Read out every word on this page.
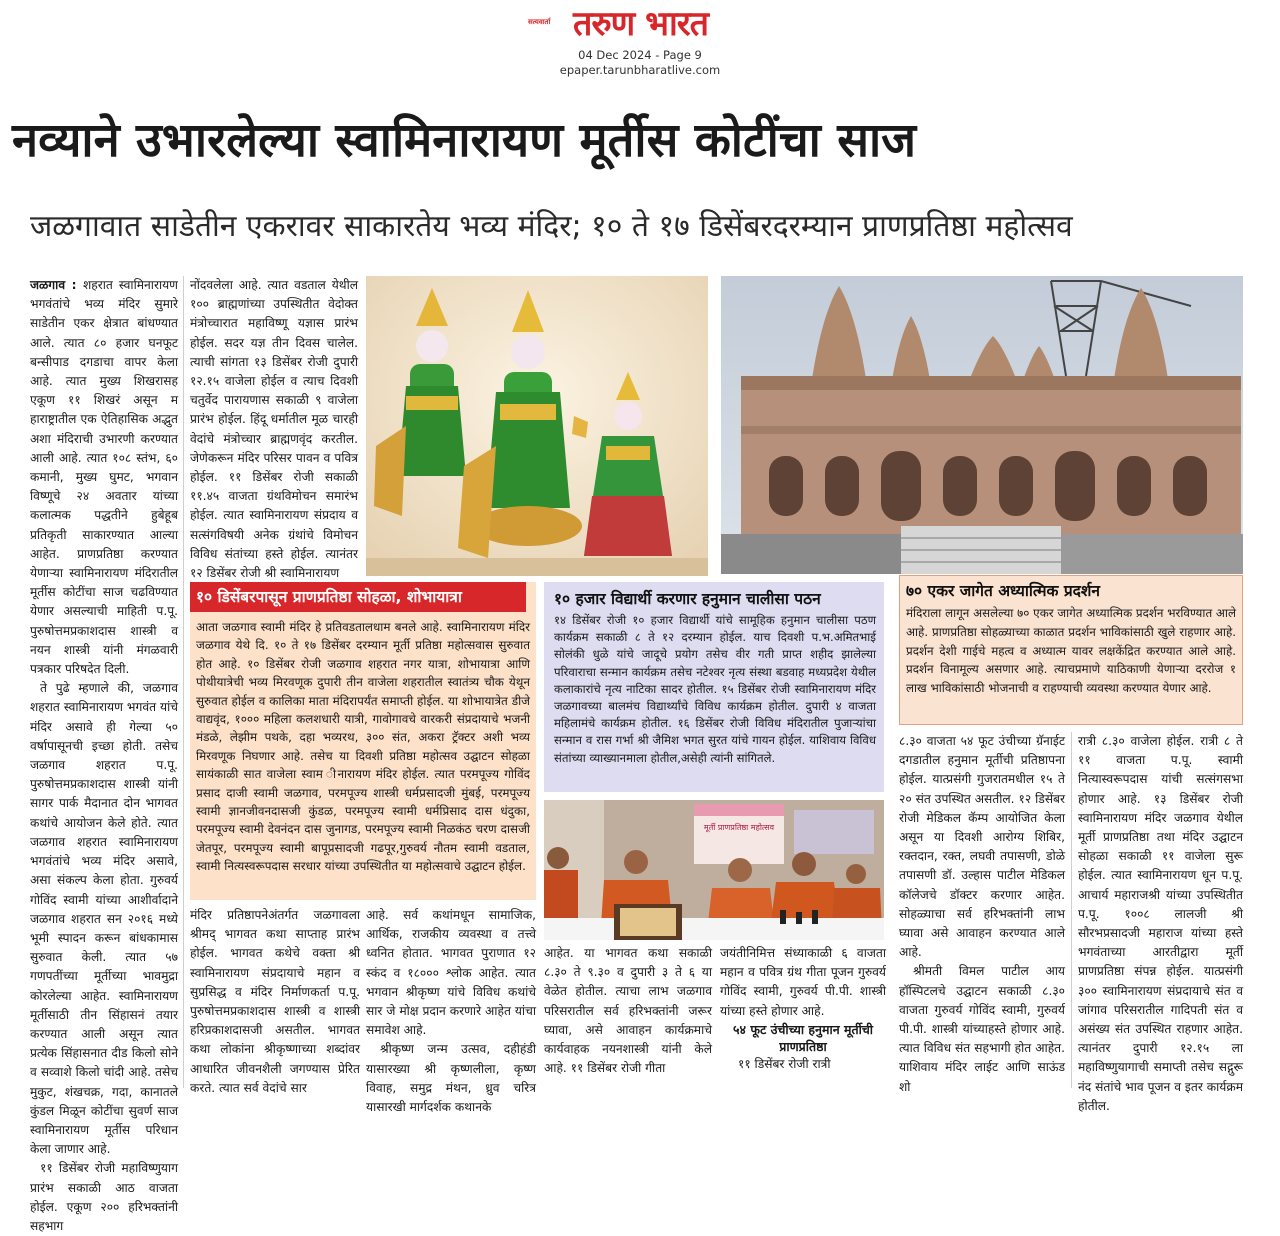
सत्यवार्ता तरुण भारत
04 Dec 2024 - Page 9
epaper.tarunbharatlive.com
नव्याने उभारलेल्या स्वामिनारायण मूर्तीस कोटींचा साज
जळगावात साडेतीन एकरावर साकारतेय भव्य मंदिर; १० ते १७ डिसेंबरदरम्यान प्राणप्रतिष्ठा महोत्सव

जळगाव : शहरात स्वामिनारायण भगवंतांचे भव्य मंदिर सुमारे साडेतीन एकर क्षेत्रात बांधण्यात आले. त्यात ८० हजार घनफूट बन्सीपाड दगडाचा वापर केला आहे. त्यात मुख्य शिखरासह एकूण ११ शिखरं असून म हाराष्ट्रातील एक ऐतिहासिक अद्भुत अशा मंदिराची उभारणी करण्यात आली आहे. त्यात १०८ स्तंभ, ६० कमानी, मुख्य घुमट, भगवान विष्णूचे २४ अवतार यांच्या कलात्मक पद्धतीने हुबेहूब प्रतिकृती साकारण्यात आल्या आहेत. प्राणप्रतिष्ठा करण्यात येणाऱ्या स्वामिनारायण मंदिरातील मूर्तीस कोटींचा साज चढविण्यात येणार असल्याची माहिती प.पू. पुरुषोत्तमप्रकाशदास शास्त्री व नयन शास्त्री यांनी मंगळवारी पत्रकार परिषदेत दिली.

ते पुढे म्हणाले की, जळगाव शहरात स्वामिनारायण भगवंत यांचे मंदिर असावे ही गेल्या ५० वर्षापासूनची इच्छा होती. तसेच जळगाव शहरात प.पू. पुरुषोत्तमप्रकाशदास शास्त्री यांनी सागर पार्क मैदानात दोन भागवत कथांचे आयोजन केले होते. त्यात जळगाव शहरात स्वामिनारायण भगवंतांचे भव्य मंदिर असावे, असा संकल्प केला होता. गुरुवर्य गोविंद स्वामी यांच्या आशीर्वादाने जळगाव शहरात सन २०१६ मध्ये भूमी स्पादन करून बांधकामास सुरुवात केली. त्यात ५७ गणपतींच्या मूर्तीच्या भावमुद्रा कोरलेल्या आहेत. स्वामिनारायण मूर्तीसाठी तीन सिंहासनं तयार करण्यात आली असून त्यात प्रत्येक सिंहासनात दीड किलो सोने व सव्वाशे किलो चांदी आहे. तसेच मुकुट, शंखचक्र, गदा, कानातले कुंडल मिळून कोटींचा सुवर्ण साज स्वामिनारायण मूर्तीस परिधान केला जाणार आहे.

११ डिसेंबर रोजी महाविष्णुयाग प्रारंभ सकाळी आठ वाजता होईल. एकूण २०० हरिभक्तांनी सहभाग

नोंदवलेला आहे. त्यात वडताल येथील १०० ब्राह्मणांच्या उपस्थितीत वेदोक्त मंत्रोच्चारात महाविष्णू यज्ञास प्रारंभ होईल. सदर यज्ञ तीन दिवस चालेल. त्याची सांगता १३ डिसेंबर रोजी दुपारी १२.१५ वाजेला होईल व त्याच दिवशी चतुर्वेद पारायणास सकाळी ९ वाजेला प्रारंभ होईल. हिंदू धर्मातील मूळ चारही वेदांचे मंत्रोच्चार ब्राह्मणवृंद करतील. जेणेकरून मंदिर परिसर पावन व पवित्र होईल. ११ डिसेंबर रोजी सकाळी ११.४५ वाजता ग्रंथविमोचन समारंभ होईल. त्यात स्वामिनारायण संप्रदाय व सत्संगविषयी अनेक ग्रंथांचे विमोचन विविध संतांच्या हस्ते होईल. त्यानंतर १२ डिसेंबर रोजी श्री स्वामिनारायण

१० डिसेंबरपासून प्राणप्रतिष्ठा सोहळा, शोभायात्रा
आता जळगाव स्वामी मंदिर हे प्रतिवडतालधाम बनले आहे. स्वामिनारायण मंदिर जळगाव येथे दि. १० ते १७ डिसेंबर दरम्यान मूर्ती प्रतिष्ठा महोत्सवास सुरुवात होत आहे. १० डिसेंबर रोजी जळगाव शहरात नगर यात्रा, शोभायात्रा आणि पोथीयात्रेची भव्य मिरवणूक दुपारी तीन वाजेला शहरातील स्वातंत्र्य चौक येथून सुरुवात होईल व कालिका माता मंदिरापर्यंत समाप्ती होईल. या शोभायात्रेत डीजे वाद्यवृंद, १००० महिला कलशधारी यात्री, गावोगावचे वारकरी संप्रदायाचे भजनी मंडळे, लेझीम पथके, दहा भव्यरथ, ३०० संत, अकरा ट्रॅक्टर अशी भव्य मिरवणूक निघणार आहे. तसेच या दिवशी प्रतिष्ठा महोत्सव उद्घाटन सोहळा सायंकाळी सात वाजेला स्वाम ीनारायण मंदिर होईल. त्यात परमपूज्य गोविंद प्रसाद दाजी स्वामी जळगाव, परमपूज्य शास्त्री धर्मप्रसादजी मुंबई, परमपूज्य स्वामी ज्ञानजीवनदासजी कुंडळ, परमपूज्य स्वामी धर्मप्रिसाद दास धंदुका, परमपूज्य स्वामी देवनंदन दास जुनागड, परमपूज्य स्वामी निळकंठ चरण दासजी जेतपूर, परमपूज्य स्वामी बापूप्रसादजी गढपूर,गुरुवर्य नौतम स्वामी वडताल, स्वामी नित्यस्वरूपदास सरधार यांच्या उपस्थितीत या महोत्सवाचे उद्घाटन होईल.
१० हजार विद्यार्थी करणार हनुमान चालीसा पठन
१४ डिसेंबर रोजी १० हजार विद्यार्थी यांचे सामूहिक हनुमान चालीसा पठण कार्यक्रम सकाळी ८ ते १२ दरम्यान होईल. याच दिवशी प.भ.अमितभाई सोलंकी धुळे यांचे जादूचे प्रयोग तसेच वीर गती प्राप्त शहीद झालेल्या परिवाराचा सन्मान कार्यक्रम तसेच नटेश्वर नृत्य संस्था बडवाह मध्यप्रदेश येथील कलाकारांचे नृत्य नाटिका सादर होतील. १५ डिसेंबर रोजी स्वामिनारायण मंदिर जळगावच्या बालमंच विद्यार्थ्यांचे विविध कार्यक्रम होतील. दुपारी ४ वाजता महिलामंचे कार्यक्रम होतील. १६ डिसेंबर रोजी विविध मंदिरातील पुजाऱ्यांचा सन्मान व रास गर्भा श्री जैमिश भगत सुरत यांचे गायन होईल. याशिवाय विविध संतांच्या व्याख्यानमाला होतील,असेही त्यांनी सांगितले.
७० एकर जागेत अध्यात्मिक प्रदर्शन
मंदिराला लागून असलेल्या ७० एकर जागेत अध्यात्मिक प्रदर्शन भरविण्यात आले आहे. प्राणप्रतिष्ठा सोहळ्याच्या काळात प्रदर्शन भाविकांसाठी खुले राहणार आहे. प्रदर्शन देशी गाईचे महत्व व अध्यात्म यावर लक्षकेंद्रित करण्यात आले आहे. प्रदर्शन विनामूल्य असणार आहे. त्याचप्रमाणे याठिकाणी येणाऱ्या दररोज १ लाख भाविकांसाठी भोजनाची व राहण्याची व्यवस्था करण्यात येणार आहे.
मूर्ती प्राणप्रतिष्ठा महोत्सव

मंदिर प्रतिष्ठापनेअंतर्गत जळगावला श्रीमद् भागवत कथा साप्ताह प्रारंभ होईल. भागवत कथेचे वक्ता श्री स्वामिनारायण संप्रदायाचे महान व सुप्रसिद्ध व मंदिर निर्माणकर्ता प.पू. पुरुषोत्तमप्रकाशदास शास्त्री व शास्त्री हरिप्रकाशदासजी असतील. भागवत कथा लोकांना श्रीकृष्णाच्या शब्दांवर आधारित जीवनशैली जगण्यास प्रेरित करते. त्यात सर्व वेदांचे सार

आहे. सर्व कथांमधून सामाजिक, आर्थिक, राजकीय व्यवस्था व तत्त्वे ध्वनित होतात. भागवत पुराणात १२ स्कंद व १८००० श्लोक आहेत. त्यात भगवान श्रीकृष्ण यांचे विविध कथांचे सार जे मोक्ष प्रदान करणारे आहेत यांचा समावेश आहे.

श्रीकृष्ण जन्म उत्सव, दहीहंडी यासारख्या श्री कृष्णलीला, कृष्ण विवाह, समुद्र मंथन, ध्रुव चरित्र यासारखी मार्गदर्शक कथानके

आहेत. या भागवत कथा सकाळी ८.३० ते ९.३० व दुपारी ३ ते ६ या वेळेत होतील. त्याचा लाभ जळगाव परिसरातील सर्व हरिभक्तांनी जरूर घ्यावा, असे आवाहन कार्यक्रमाचे कार्यवाहक नयनशास्त्री यांनी केले आहे. ११ डिसेंबर रोजी गीता

जयंतीनिमित्त संध्याकाळी ६ वाजता महान व पवित्र ग्रंथ गीता पूजन गुरुवर्य गोविंद स्वामी, गुरुवर्य पी.पी. शास्त्री यांच्या हस्ते होणार आहे.

५४ फूट उंचीच्या हनुमान मूर्तीची प्राणप्रतिष्ठा

११ डिसेंबर रोजी रात्री

८.३० वाजता ५४ फूट उंचीच्या ग्रॅनाईट दगडातील हनुमान मूर्तीची प्रतिष्ठापना होईल. यात्प्रसंगी गुजरातमधील १५ ते २० संत उपस्थित असतील. १२ डिसेंबर रोजी मेडिकल कॅम्प आयोजित केला असून या दिवशी आरोग्य शिबिर, रक्तदान, रक्त, लघवी तपासणी, डोळे तपासणी डॉ. उल्हास पाटील मेडिकल कॉलेजचे डॉक्टर करणार आहेत. सोहळ्याचा सर्व हरिभक्तांनी लाभ घ्यावा असे आवाहन करण्यात आले आहे.

श्रीमती विमल पाटील आय हॉस्पिटलचे उद्घाटन सकाळी ८.३० वाजता गुरुवर्य गोविंद स्वामी, गुरुवर्य पी.पी. शास्त्री यांच्याहस्ते होणार आहे. त्यात विविध संत सहभागी होत आहेत. याशिवाय मंदिर लाईट आणि साऊंड शो

रात्री ८.३० वाजेला होईल. रात्री ८ ते ११ वाजता प.पू. स्वामी नित्यास्वरूपदास यांची सत्संगसभा होणार आहे. १३ डिसेंबर रोजी स्वामिनारायण मंदिर जळगाव येथील मूर्ती प्राणप्रतिष्ठा तथा मंदिर उद्घाटन सोहळा सकाळी ११ वाजेला सुरू होईल. त्यात स्वामिनारायण धून प.पू. आचार्य महाराजश्री यांच्या उपस्थितीत प.पू. १००८ लालजी श्री सौरभप्रसादजी महाराज यांच्या हस्ते भगवंताच्या आरतीद्वारा मूर्ती प्राणप्रतिष्ठा संपन्न होईल. यात्प्रसंगी ३०० स्वामिनारायण संप्रदायाचे संत व जांगाव परिसरातील गादिपती संत व असंख्य संत उपस्थित राहणार आहेत. त्यानंतर दुपारी १२.१५ ला महाविष्णुयागाची समाप्ती तसेच सद्गुरू नंद संतांचे भाव पूजन व इतर कार्यक्रम होतील.
